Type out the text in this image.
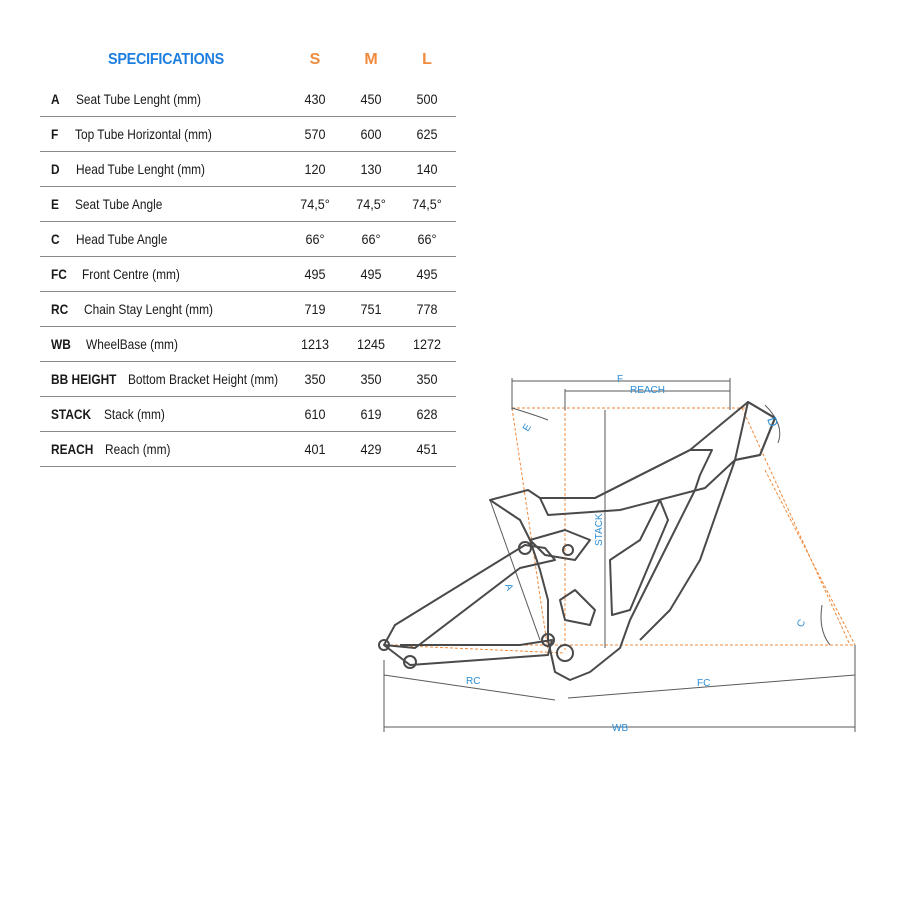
SPECIFICATIONS	S	M	L
A Seat Tube Lenght (mm)	430	450	500
F Top Tube Horizontal (mm)	570	600	625
D Head Tube Lenght (mm)	120	130	140
E Seat Tube Angle	74,5°	74,5°	74,5°
C Head Tube Angle	66°	66°	66°
FC Front Centre (mm)	495	495	495
RC Chain Stay Lenght (mm)	719	751	778
WB WheelBase (mm)	1213	1245	1272
BB HEIGHT Bottom Bracket Height (mm)	350	350	350
STACK Stack (mm)	610	619	628
REACH Reach (mm)	401	429	451
F
REACH
D
E
STACK
A
C
RC	FC
WB
